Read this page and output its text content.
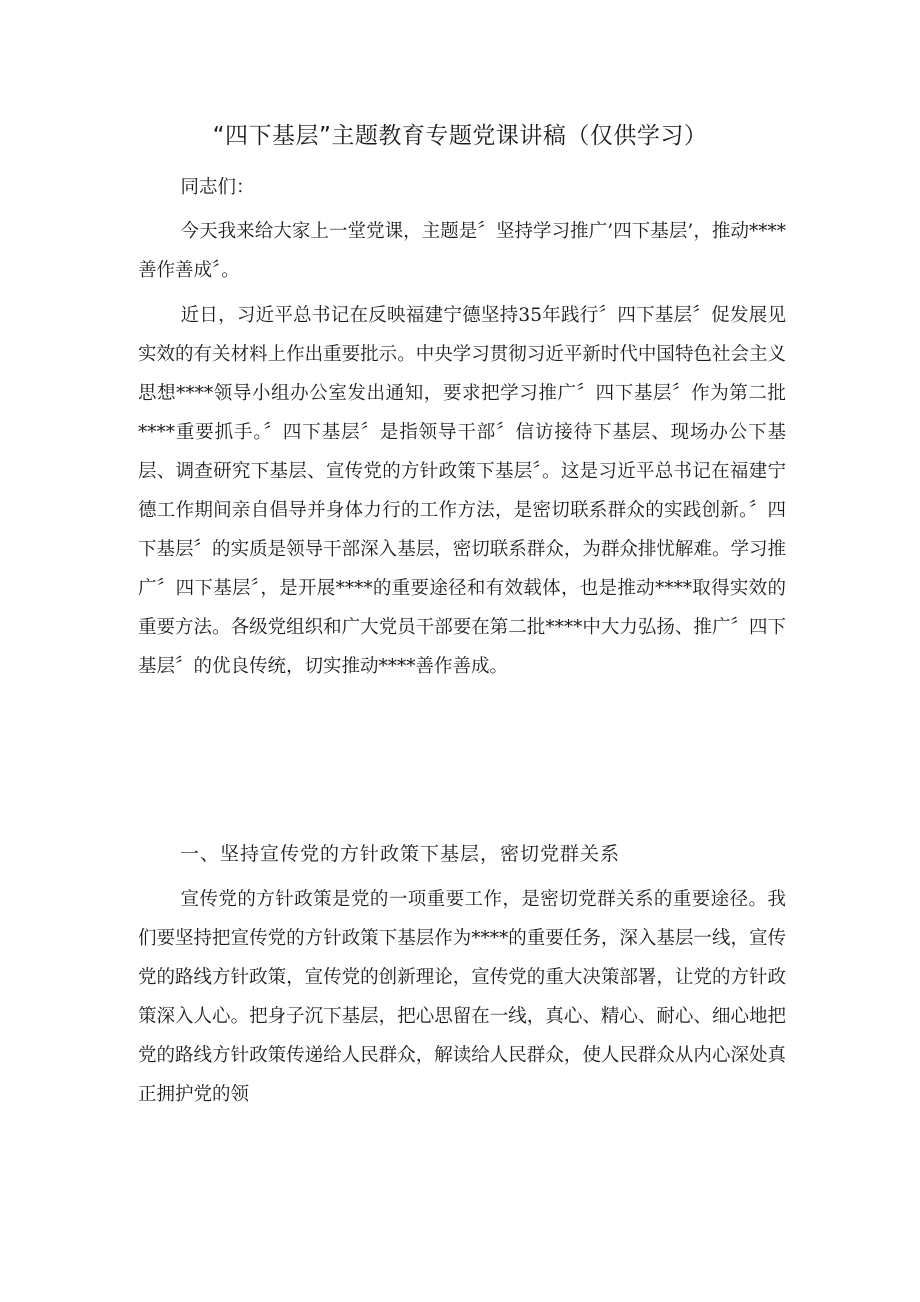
“四下基层”主题教育专题党课讲稿（仅供学习）

同志们：

今天我来给大家上一堂党课，主题是〞坚持学习推广’四下基层’，推动****善作善成〞。

近日，习近平总书记在反映福建宁德坚持35年践行〞四下基层〞促发展见实效的有关材料上作出重要批示。中央学习贯彻习近平新时代中国特色社会主义思想****领导小组办公室发出通知，要求把学习推广〞四下基层〞作为第二批****重要抓手。〞四下基层〞是指领导干部〞信访接待下基层、现场办公下基层、调查研究下基层、宣传党的方针政策下基层〞。这是习近平总书记在福建宁德工作期间亲自倡导并身体力行的工作方法，是密切联系群众的实践创新。〞四下基层〞的实质是领导干部深入基层，密切联系群众，为群众排忧解难。学习推广〞四下基层〞，是开展****的重要途径和有效载体，也是推动****取得实效的重要方法。各级党组织和广大党员干部要在第二批****中大力弘扬、推广〞四下基层〞的优良传统，切实推动****善作善成。

一、坚持宣传党的方针政策下基层，密切党群关系

宣传党的方针政策是党的一项重要工作，是密切党群关系的重要途径。我们要坚持把宣传党的方针政策下基层作为****的重要任务，深入基层一线，宣传党的路线方针政策，宣传党的创新理论，宣传党的重大决策部署，让党的方针政策深入人心。把身子沉下基层，把心思留在一线，真心、精心、耐心、细心地把党的路线方针政策传递给人民群众，解读给人民群众，使人民群众从内心深处真正拥护党的领
